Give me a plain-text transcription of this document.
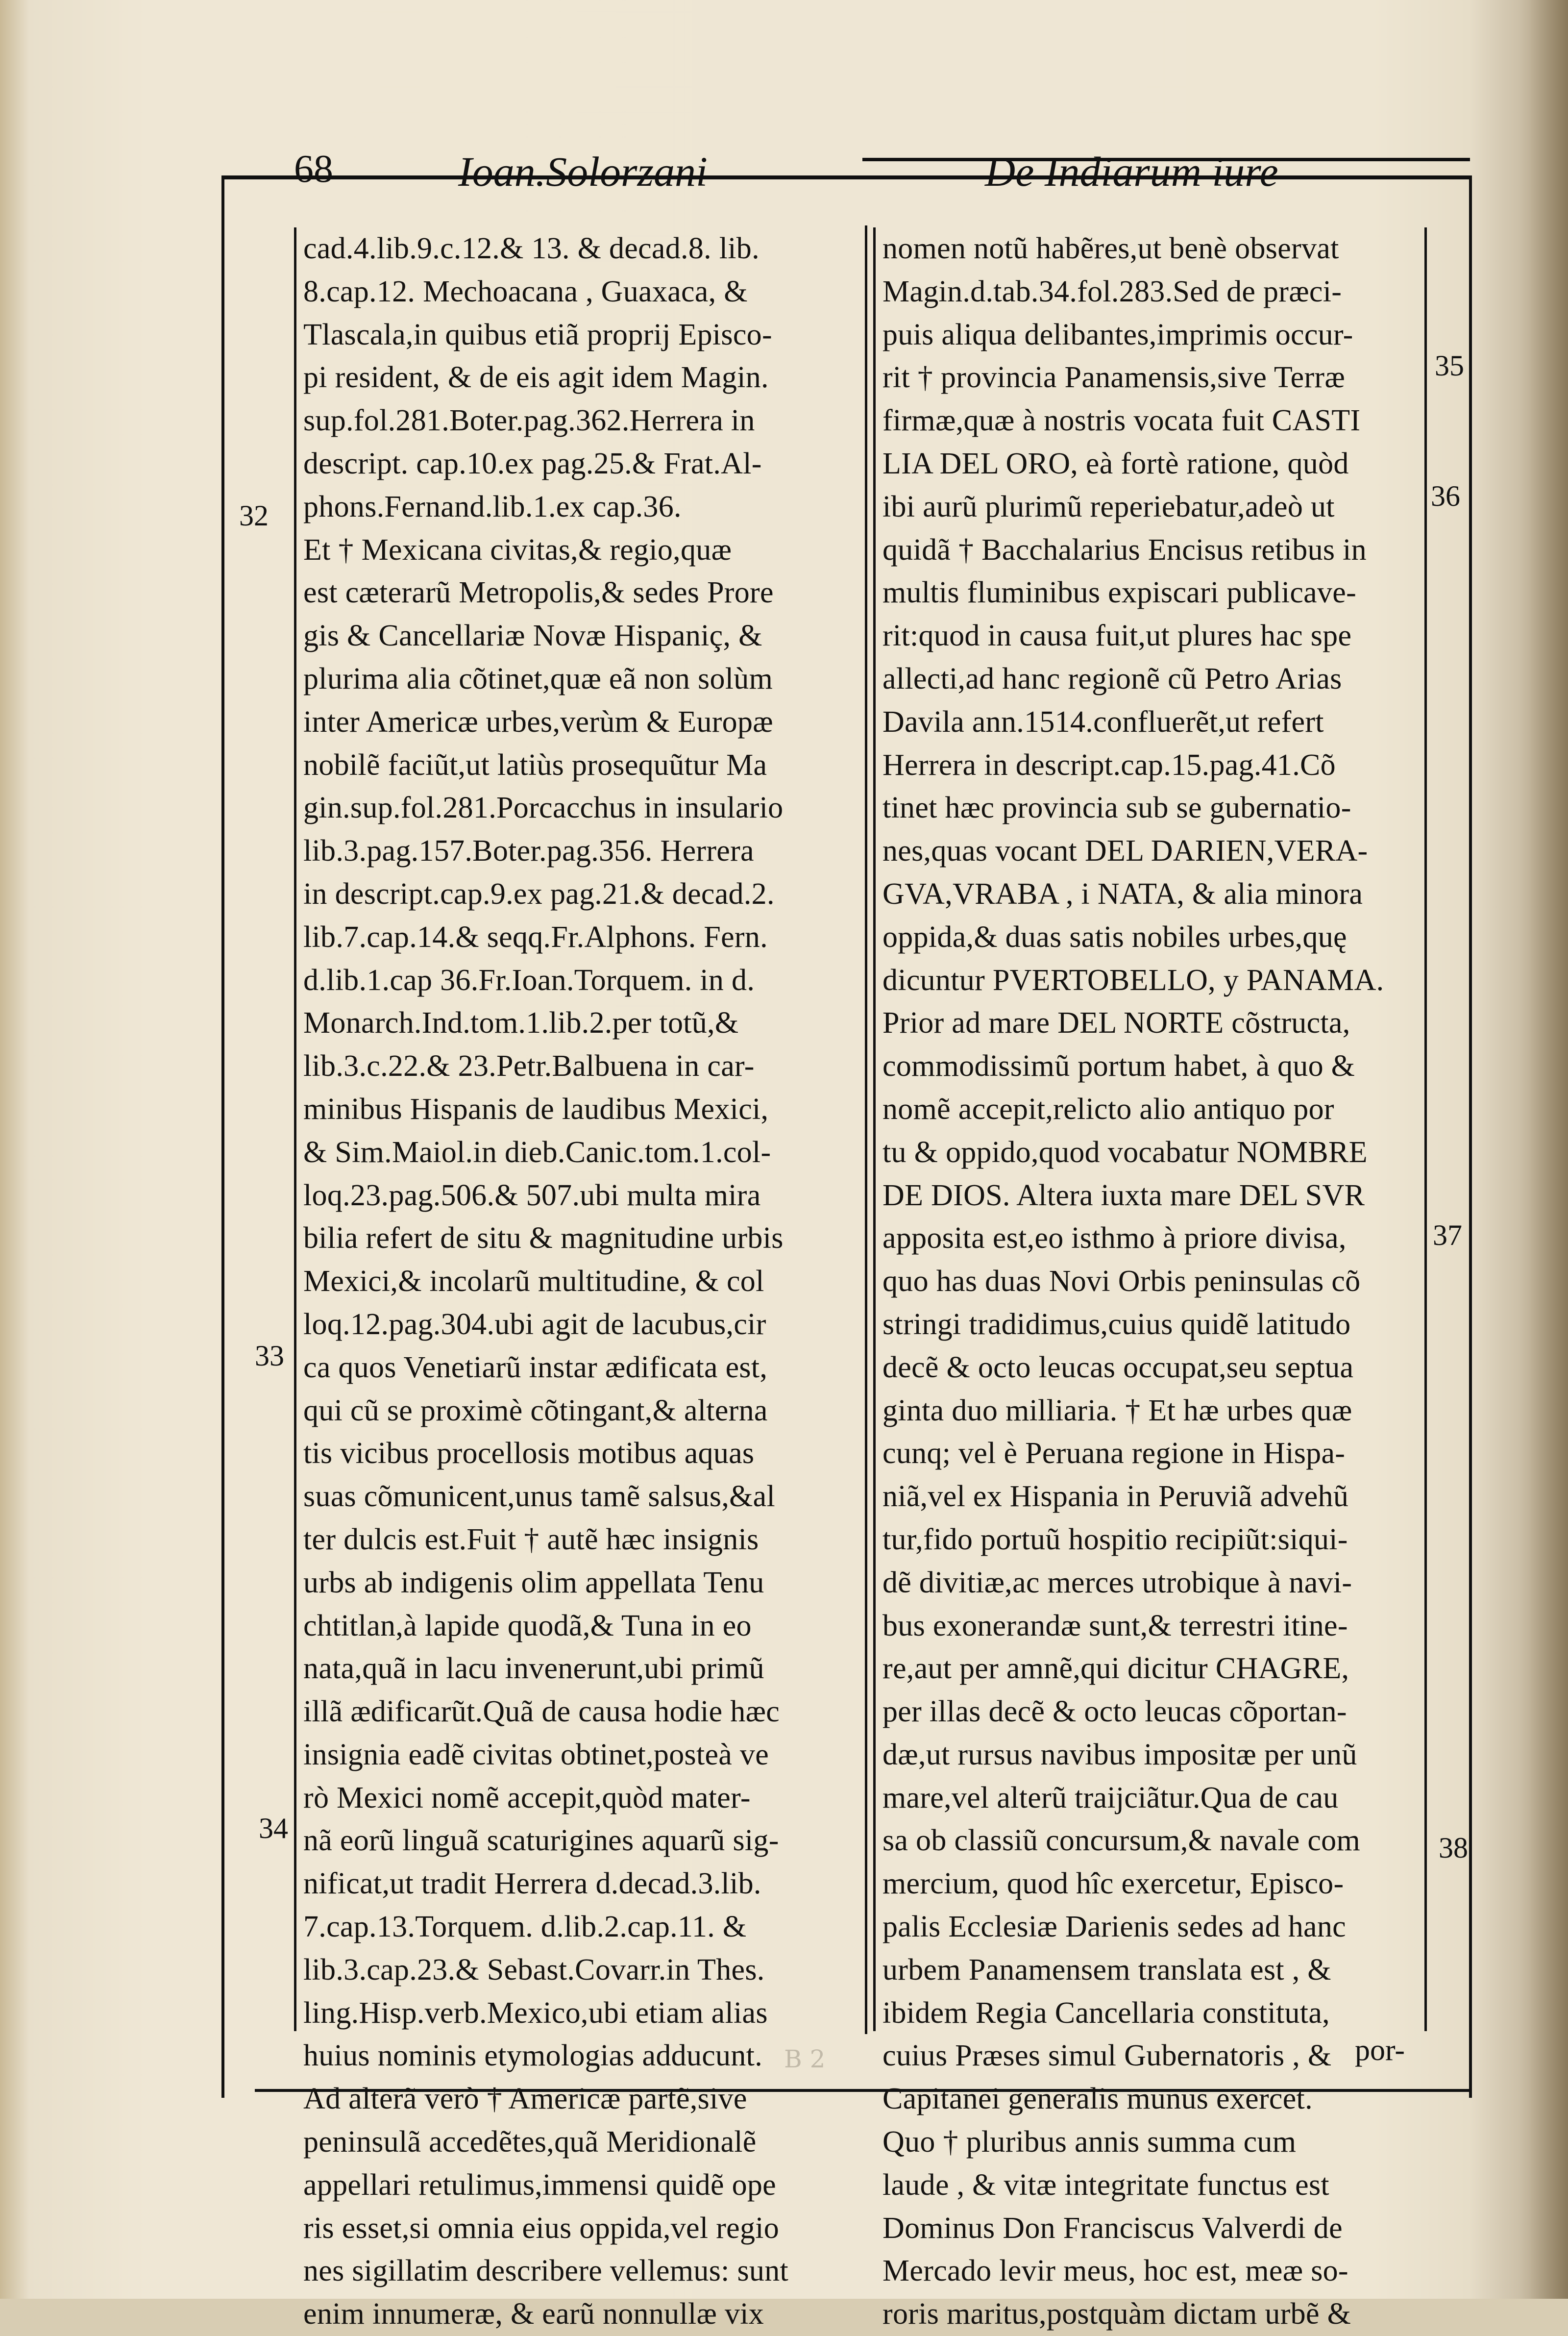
68	Ioan.Solorzani	De Indiarum iure
cad.4.lib.9.c.12.& 13. & decad.8. lib.
8.cap.12. Mechoacana , Guaxaca, &
Tlascala,in quibus etiã proprij Episco-
pi resident, & de eis agit idem Magin.
sup.fol.281.Boter.pag.362.Herrera in
descript. cap.10.ex pag.25.& Frat.Al-
phons.Fernand.lib.1.ex cap.36.
Et † Mexicana civitas,& regio,quæ
est cæterarũ Metropolis,& sedes Prore
gis & Cancellariæ Novæ Hispaniç, &
plurima alia cõtinet,quæ eã non solùm
inter Americæ urbes,verùm & Europæ
nobilẽ faciũt,ut latiùs prosequũtur Ma
gin.sup.fol.281.Porcacchus in insulario
lib.3.pag.157.Boter.pag.356. Herrera
in descript.cap.9.ex pag.21.& decad.2.
lib.7.cap.14.& seqq.Fr.Alphons. Fern.
d.lib.1.cap 36.Fr.Ioan.Torquem. in d.
Monarch.Ind.tom.1.lib.2.per totũ,&
lib.3.c.22.& 23.Petr.Balbuena in car-
minibus Hispanis de laudibus Mexici,
& Sim.Maiol.in dieb.Canic.tom.1.col-
loq.23.pag.506.& 507.ubi multa mira
bilia refert de situ & magnitudine urbis
Mexici,& incolarũ multitudine, & col
loq.12.pag.304.ubi agit de lacubus,cir
ca quos Venetiarũ instar ædificata est,
qui cũ se proximè cõtingant,& alterna
tis vicibus procellosis motibus aquas
suas cõmunicent,unus tamẽ salsus,&al
ter dulcis est.Fuit † autẽ hæc insignis
urbs ab indigenis olim appellata Tenu
chtitlan,à lapide quodã,& Tuna in eo
nata,quã in lacu invenerunt,ubi primũ
illã ædificarũt.Quã de causa hodie hæc
insignia eadẽ civitas obtinet,posteà ve
rò Mexici nomẽ accepit,quòd mater-
nã eorũ linguã scaturigines aquarũ sig-
nificat,ut tradit Herrera d.decad.3.lib.
7.cap.13.Torquem. d.lib.2.cap.11. &
lib.3.cap.23.& Sebast.Covarr.in Thes.
ling.Hisp.verb.Mexico,ubi etiam alias
huius nominis etymologias adducunt.
Ad alterã verò † Americæ partẽ,sive
peninsulã accedẽtes,quã Meridionalẽ
appellari retulimus,immensi quidẽ ope
ris esset,si omnia eius oppida,vel regio
nes sigillatim describere vellemus: sunt
enim innumeræ, & earũ nonnullæ vix
nomen notũ habẽres,ut benè observat
Magin.d.tab.34.fol.283.Sed de præci-
puis aliqua delibantes,imprimis occur-
rit † provincia Panamensis,sive Terræ
firmæ,quæ à nostris vocata fuit CASTI
LIA DEL ORO, eà fortè ratione, quòd
ibi aurũ plurimũ reperiebatur,adeò ut
quidã † Bacchalarius Encisus retibus in
multis fluminibus expiscari publicave-
rit:quod in causa fuit,ut plures hac spe
allecti,ad hanc regionẽ cũ Petro Arias
Davila ann.1514.confluerẽt,ut refert
Herrera in descript.cap.15.pag.41.Cõ
tinet hæc provincia sub se gubernatio-
nes,quas vocant DEL DARIEN,VERA-
GVA,VRABA , i NATA, & alia minora
oppida,& duas satis nobiles urbes,quę
dicuntur PVERTOBELLO, y PANAMA.
Prior ad mare DEL NORTE cõstructa,
commodissimũ portum habet, à quo &
nomẽ accepit,relicto alio antiquo por
tu & oppido,quod vocabatur NOMBRE
DE DIOS. Altera iuxta mare DEL SVR
apposita est,eo isthmo à priore divisa,
quo has duas Novi Orbis peninsulas cõ
stringi tradidimus,cuius quidẽ latitudo
decẽ & octo leucas occupat,seu septua
ginta duo milliaria. † Et hæ urbes quæ
cunq; vel è Peruana regione in Hispa-
niã,vel ex Hispania in Peruviã advehũ
tur,fido portuũ hospitio recipiũt:siqui-
dẽ divitiæ,ac merces utrobique à navi-
bus exonerandæ sunt,& terrestri itine-
re,aut per amnẽ,qui dicitur CHAGRE,
per illas decẽ & octo leucas cõportan-
dæ,ut rursus navibus impositæ per unũ
mare,vel alterũ traijciãtur.Qua de cau
sa ob classiũ concursum,& navale com
mercium, quod hîc exercetur, Episco-
palis Ecclesiæ Darienis sedes ad hanc
urbem Panamensem translata est , &
ibidem Regia Cancellaria constituta,
cuius Præses simul Gubernatoris , &
Capitanei generalis munus exercet.
Quo † pluribus annis summa cum
laude , & vitæ integritate functus est
Dominus Don Franciscus Valverdi de
Mercado levir meus, hoc est, meæ so-
roris maritus,postquàm dictam urbẽ &
32
33
34
35
36
37
38
por-
B 2
